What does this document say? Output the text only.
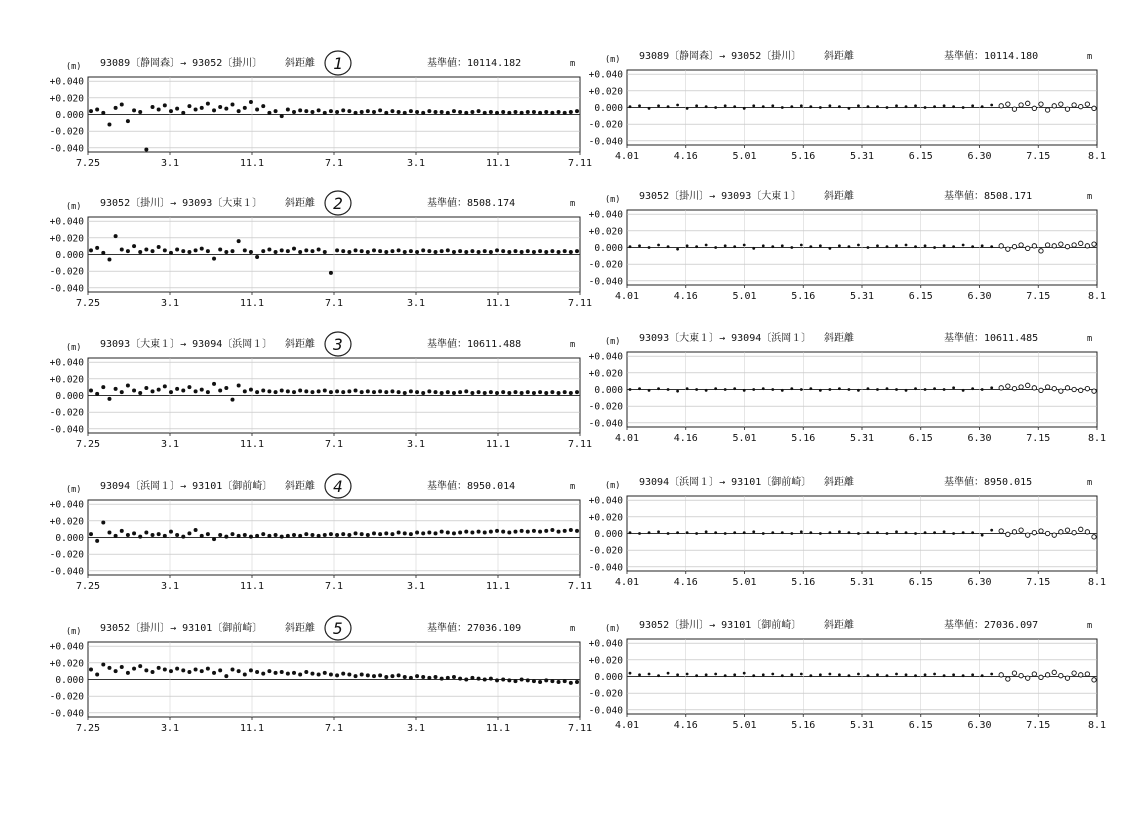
(m) 93089〔静岡森〕→ 93052〔掛川〕 斜距離	基準値：10114.182	m
1
+0.040
+0.020
0.000
-0.020
-0.040
7.25	3.1	11.1	7.1	3.1	11.1	7.11
(m) 93089〔静岡森〕→ 93052〔掛川〕 斜距離	基準値：10114.180	m
+0.040
+0.020
0.000
-0.020
-0.040
4.01	4.16	5.01	5.16	5.31	6.15	6.30	7.15	8.1
(m) 93052〔掛川〕→ 93093〔大東１〕 斜距離	基準値：8508.174	m
2
+0.040
+0.020
0.000
-0.020
-0.040
7.25	3.1	11.1	7.1	3.1	11.1	7.11
(m) 93052〔掛川〕→ 93093〔大東１〕 斜距離	基準値：8508.171	m
+0.040
+0.020
0.000
-0.020
-0.040
4.01	4.16	5.01	5.16	5.31	6.15	6.30	7.15	8.1
(m) 93093〔大東１〕→ 93094〔浜岡１〕 斜距離	基準値：10611.488	m
3
+0.040
+0.020
0.000
-0.020
-0.040
7.25	3.1	11.1	7.1	3.1	11.1	7.11
(m) 93093〔大東１〕→ 93094〔浜岡１〕 斜距離	基準値：10611.485	m
+0.040
+0.020
0.000
-0.020
-0.040
4.01	4.16	5.01	5.16	5.31	6.15	6.30	7.15	8.1
(m) 93094〔浜岡１〕→ 93101〔御前崎〕 斜距離	基準値：8950.014	m
4
+0.040
+0.020
0.000
-0.020
-0.040
7.25	3.1	11.1	7.1	3.1	11.1	7.11
(m) 93094〔浜岡１〕→ 93101〔御前崎〕 斜距離	基準値：8950.015	m
+0.040
+0.020
0.000
-0.020
-0.040
4.01	4.16	5.01	5.16	5.31	6.15	6.30	7.15	8.1
(m) 93052〔掛川〕→ 93101〔御前崎〕 斜距離	基準値：27036.109	m
5
+0.040
+0.020
0.000
-0.020
-0.040
7.25	3.1	11.1	7.1	3.1	11.1	7.11
(m) 93052〔掛川〕→ 93101〔御前崎〕 斜距離	基準値：27036.097	m
+0.040
+0.020
0.000
-0.020
-0.040
4.01	4.16	5.01	5.16	5.31	6.15	6.30	7.15	8.1
